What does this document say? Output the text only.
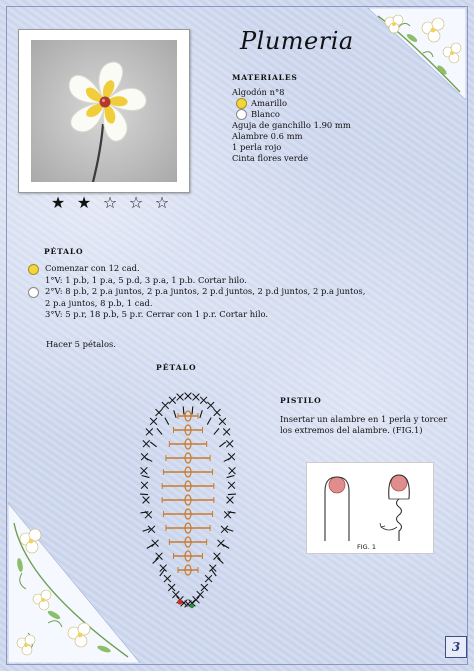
★ ★ ☆ ☆ ☆
Plumeria
MATERIALES
Algodón n°8
Amarillo
Blanco
Aguja de ganchillo 1.90 mm
Alambre 0.6 mm
1 perla rojo
Cinta flores verde
PÉTALO
Comenzar con 12 cad.
1°V: 1 p.b, 1 p.a, 5 p.d, 3 p.a, 1 p.b. Cortar hilo.
2°V: 8 p.b, 2 p.a juntos, 2 p.a juntos, 2 p.d juntos, 2 p.d juntos, 2 p.a juntos,
2 p.a juntos, 8 p.b, 1 cad.
3°V: 5 p.r, 18 p.b, 5 p.r. Cerrar con 1 p.r. Cortar hilo.
Hacer 5 pétalos.
PÉTALO
PISTILO
Insertar un alambre en 1 perla y torcer los extremos del alambre. (FIG.1)
FIG. 1
3
